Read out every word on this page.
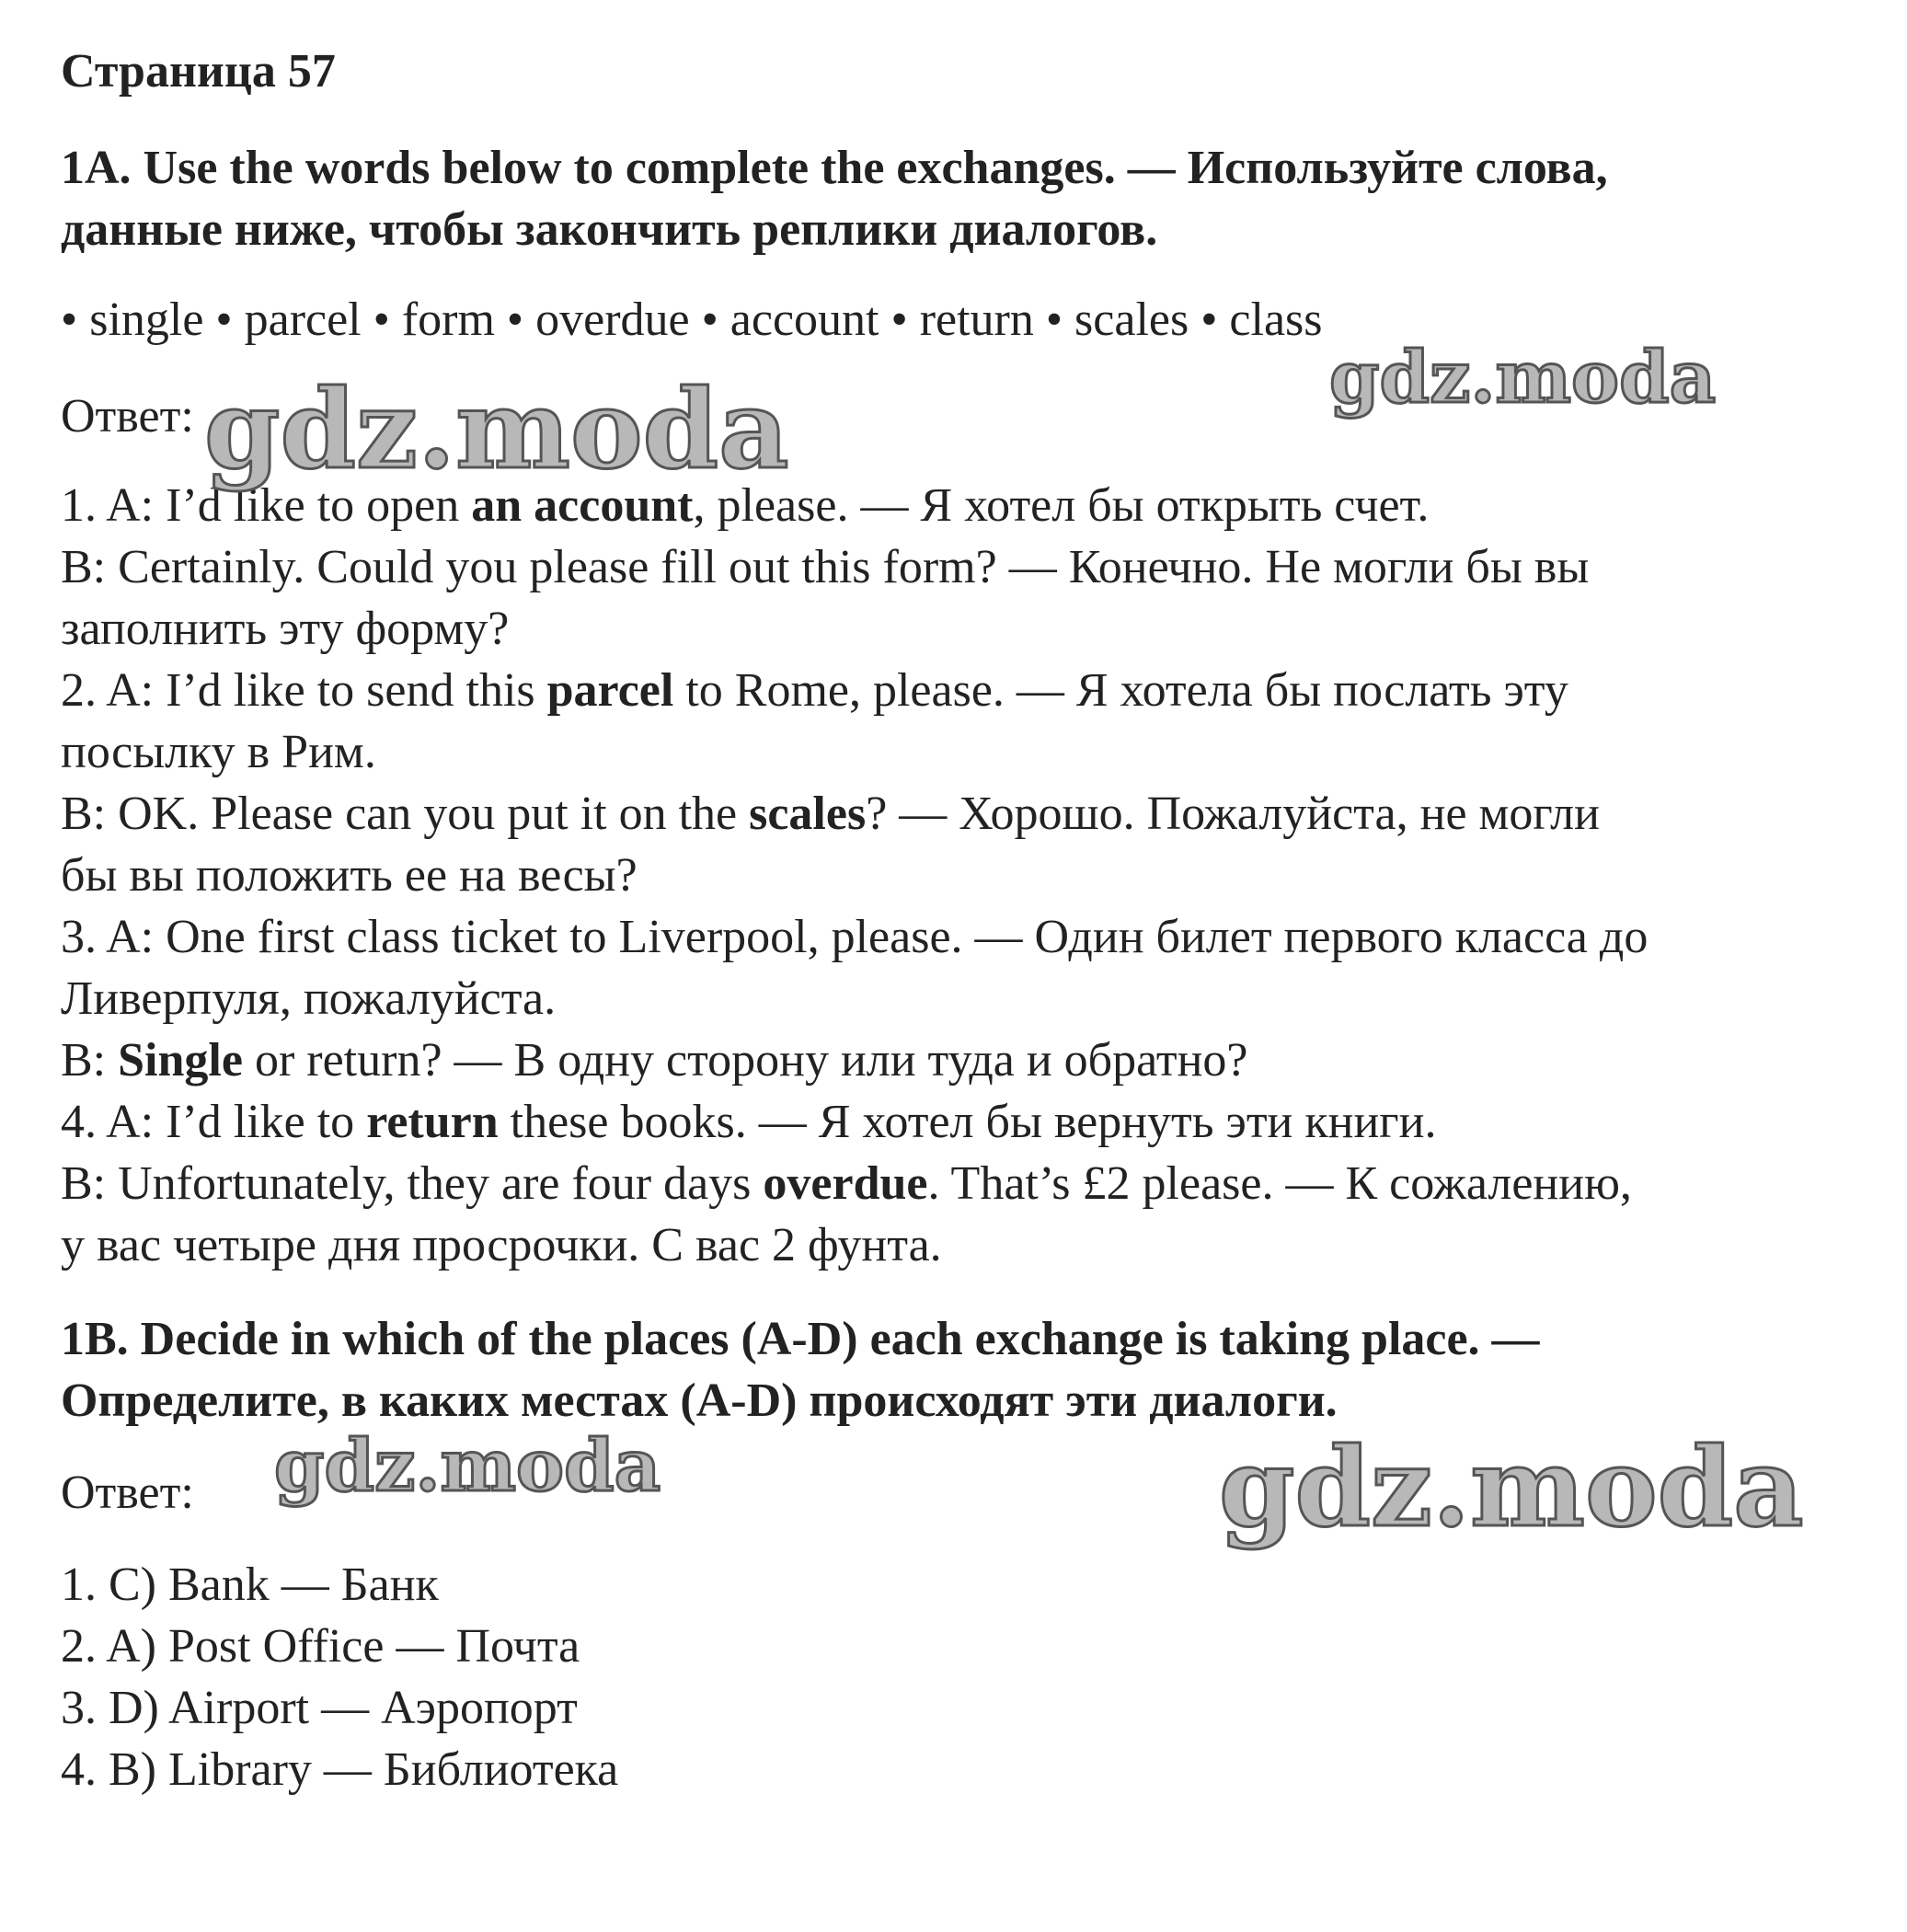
Страница 57
1A. Use the words below to complete the exchanges. — Используйте слова,
данные ниже, чтобы закончить реплики диалогов.
• single • parcel • form • overdue • account • return • scales • class
Ответ:
1. A: I’d like to open an account, please. — Я хотел бы открыть счет.
B: Certainly. Could you please fill out this form? — Конечно. Не могли бы вы
заполнить эту форму?
2. A: I’d like to send this parcel to Rome, please. — Я хотела бы послать эту
посылку в Рим.
B: OK. Please can you put it on the scales? — Хорошо. Пожалуйста, не могли
бы вы положить ее на весы?
3. A: One first class ticket to Liverpool, please. — Один билет первого класса до
Ливерпуля, пожалуйста.
B: Single or return? — В одну сторону или туда и обратно?
4. A: I’d like to return these books. — Я хотел бы вернуть эти книги.
B: Unfortunately, they are four days overdue. That’s £2 please. — К сожалению,
у вас четыре дня просрочки. С вас 2 фунта.
1B. Decide in which of the places (A-D) each exchange is taking place. —
Определите, в каких местах (A-D) происходят эти диалоги.
Ответ:
1. C) Bank — Банк
2. A) Post Office — Почта
3. D) Airport — Аэропорт
4. B) Library — Библиотека
gdz.moda	gdz.moda
gdz.moda	gdz.moda
